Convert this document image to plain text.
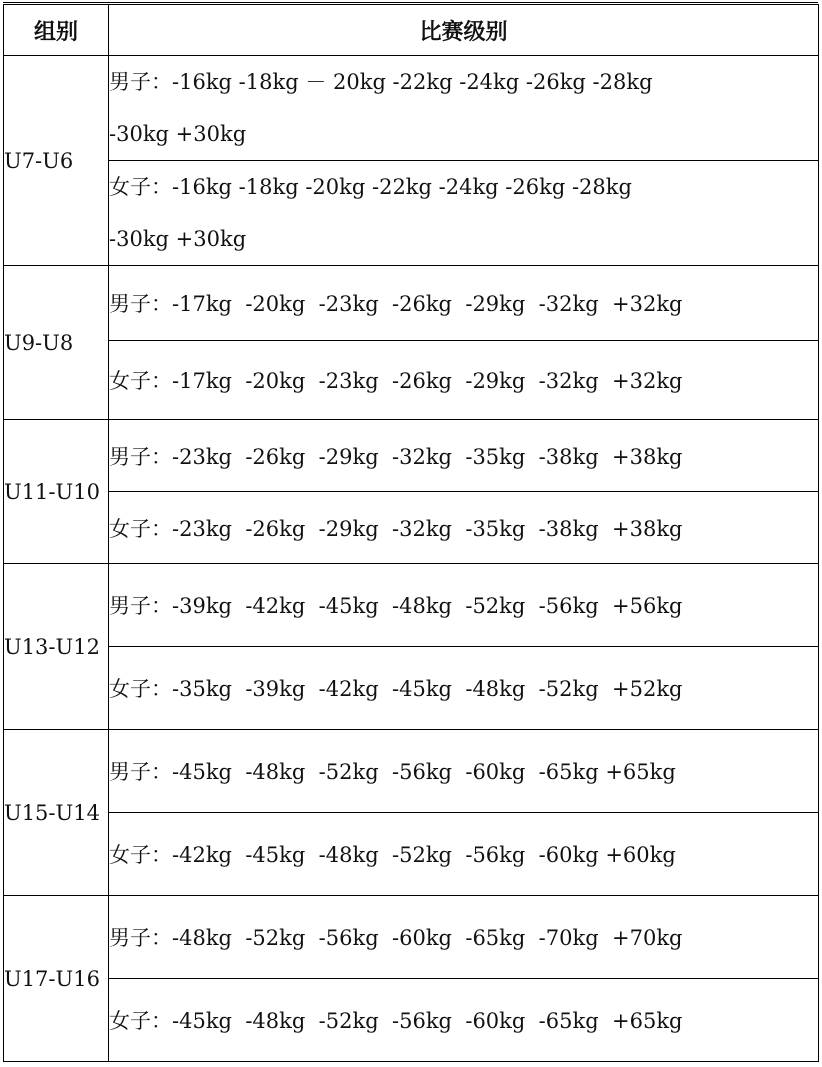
组别	比赛级别
U7-U6	男子：-16kg -18kg － 20kg -22kg -24kg -26kg -28kg
-30kg +30kg

	女子：-16kg -18kg -20kg -22kg -24kg -26kg -28kg
-30kg +30kg

U9-U8	男子：-17kg  -20kg  -23kg  -26kg  -29kg  -32kg  +32kg
	女子：-17kg  -20kg  -23kg  -26kg  -29kg  -32kg  +32kg
U11-U10	男子：-23kg  -26kg  -29kg  -32kg  -35kg  -38kg  +38kg
	女子：-23kg  -26kg  -29kg  -32kg  -35kg  -38kg  +38kg
U13-U12	男子：-39kg  -42kg  -45kg  -48kg  -52kg  -56kg  +56kg
	女子：-35kg  -39kg  -42kg  -45kg  -48kg  -52kg  +52kg
U15-U14	男子：-45kg  -48kg  -52kg  -56kg  -60kg  -65kg +65kg
	女子：-42kg  -45kg  -48kg  -52kg  -56kg  -60kg +60kg
U17-U16	男子：-48kg  -52kg  -56kg  -60kg  -65kg  -70kg  +70kg
	女子：-45kg  -48kg  -52kg  -56kg  -60kg  -65kg  +65kg
